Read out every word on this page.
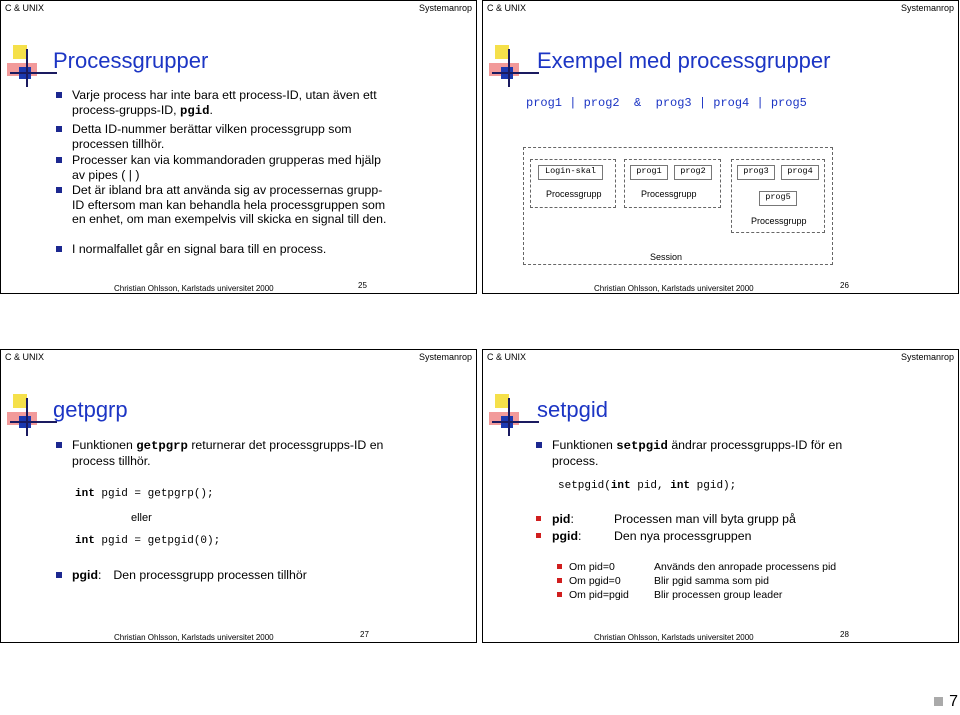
C & UNIX	Systemanrop
Processgrupper
Varje process har inte bara ett process-ID, utan även ett process-grupps-ID, pgid.
Detta ID-nummer berättar vilken processgrupp som processen tillhör.
Processer kan via kommandoraden grupperas med hjälp av pipes ( | )
Det är ibland bra att använda sig av processernas grupp-ID eftersom man kan behandla hela processgruppen som en enhet, om man exempelvis vill skicka en signal till den.
I normalfallet går en signal bara till en process.
Christian Ohlsson, Karlstads universitet 2000	25
C & UNIX	Systemanrop
Exempel med processgrupper
prog1 | prog2  &  prog3 | prog4 | prog5
Login-skal	prog1	prog2	prog3	prog4
prog5
Processgrupp	Processgrupp
Processgrupp
Session
Christian Ohlsson, Karlstads universitet 2000	26
C & UNIX	Systemanrop
getpgrp
Funktionen getpgrp returnerar det processgrupps-ID en process tillhör.
int pgid = getpgrp();
eller
int pgid = getpgid(0);
pgid: Den processgrupp processen tillhör
Christian Ohlsson, Karlstads universitet 2000	27
C & UNIX	Systemanrop
setpgid
Funktionen setpgid ändrar processgrupps-ID för en process.
setpgid(int pid, int pgid);
pid:	Processen man vill byta grupp på
pgid:	Den nya processgruppen
Om pid=0	Används den anropade processens pid
Om pgid=0	Blir pgid samma som pid
Om pid=pgid Blir processen group leader
Christian Ohlsson, Karlstads universitet 2000	28
7
